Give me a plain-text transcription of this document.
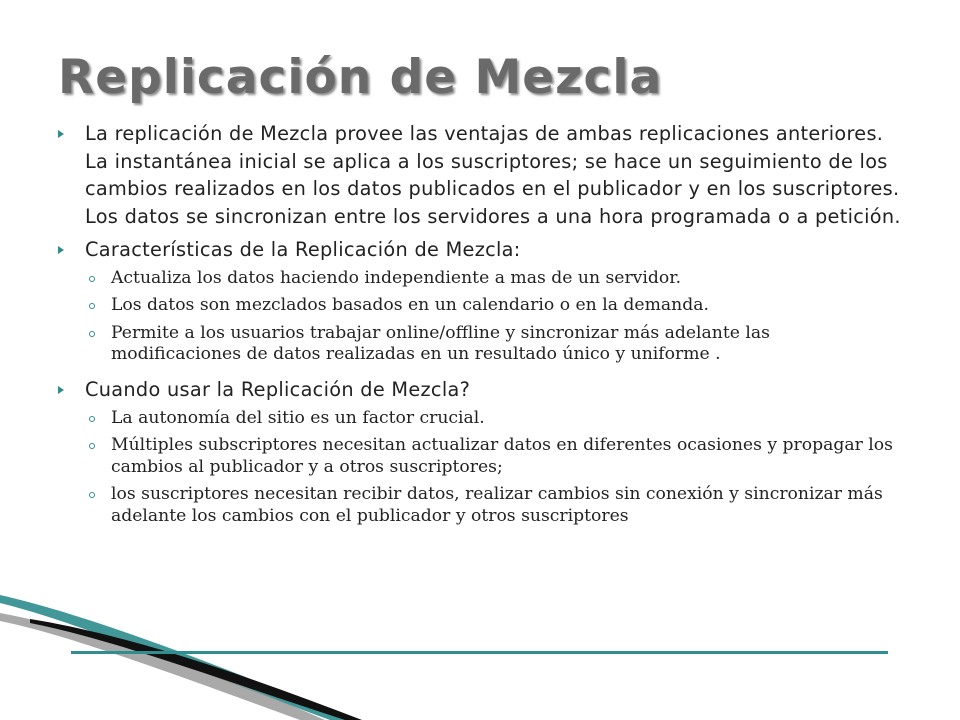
Replicación de Mezcla
La replicación de Mezcla provee las ventajas de ambas replicaciones anteriores. La instantánea inicial se aplica a los suscriptores; se hace un seguimiento de los cambios realizados en los datos publicados en el publicador y en los suscriptores. Los datos se sincronizan entre los servidores a una hora programada o a petición.
Características de la Replicación de Mezcla:
Actualiza los datos haciendo independiente a mas de un servidor.
Los datos son mezclados basados en un calendario o en la demanda.
Permite a los usuarios trabajar online/offline y sincronizar más adelante las modificaciones de datos realizadas en un resultado único y uniforme .
Cuando usar la Replicación de Mezcla?
La autonomía del sitio es un factor crucial.
Múltiples subscriptores necesitan actualizar datos en diferentes ocasiones y propagar los cambios al publicador y a otros suscriptores;
los suscriptores necesitan recibir datos, realizar cambios sin conexión y sincronizar más adelante los cambios con el publicador y otros suscriptores
